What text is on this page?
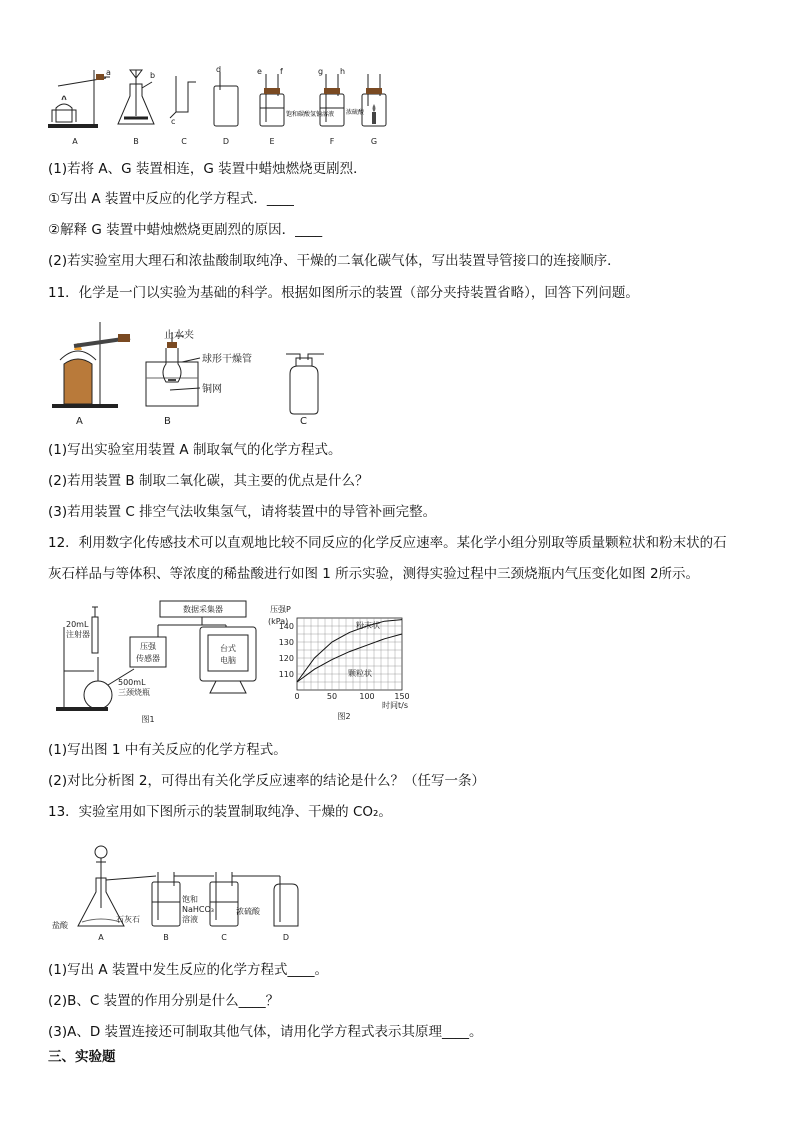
A	B	C	D	E	F	G
a	b
c
d	e f	g h
饱和碳酸氢钠溶液 浓硫酸
(1)若将 A、G 装置相连，G 装置中蜡烛燃烧更剧烈．
①写出 A 装置中反应的化学方程式．____
②解释 G 装置中蜡烛燃烧更剧烈的原因．____
(2)若实验室用大理石和浓盐酸制取纯净、干燥的二氧化碳气体，写出装置导管接口的连接顺序．
11．化学是一门以实验为基础的科学。根据如图所示的装置（部分夹持装置省略），回答下列问题。
止水夹
球形干燥管
铜网
A	B	C
(1)写出实验室用装置 A 制取氧气的化学方程式。
(2)若用装置 B 制取二氧化碳，其主要的优点是什么？
(3)若用装置 C 排空气法收集氢气，请将装置中的导管补画完整。
12．利用数字化传感技术可以直观地比较不同反应的化学反应速率。某化学小组分别取等质量颗粒状和粉末状的石
灰石样品与等体积、等浓度的稀盐酸进行如图 1 所示实验，测得实验过程中三颈烧瓶内气压变化如图 2所示。
数据采集器
台式
电脑
压强
传感器
20mL
注射器
500mL
三颈烧瓶
图1
压强P
(kPa)
0	50	100 150
110
120
130
140	粉末状
颗粒状
时间t/s
图2
(1)写出图 1 中有关反应的化学方程式。
(2)对比分析图 2，可得出有关化学反应速率的结论是什么？（任写一条）
13．实验室用如下图所示的装置制取纯净、干燥的 CO₂。
盐酸
石灰石
饱和
NaHCO₃
溶液
浓硫酸
A	B	C	D
(1)写出 A 装置中发生反应的化学方程式____。
(2)B、C 装置的作用分别是什么____？
(3)A、D 装置连接还可制取其他气体，请用化学方程式表示其原理____。
三、实验题
